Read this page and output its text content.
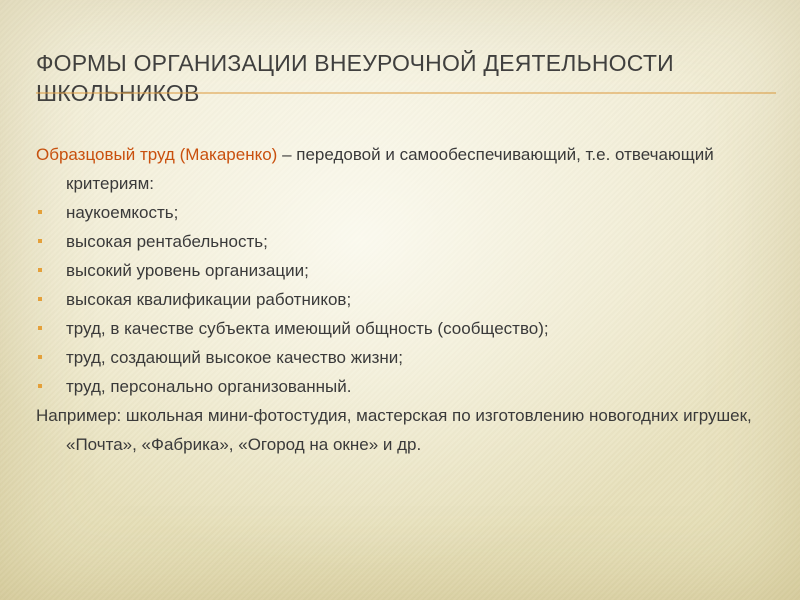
ФОРМЫ ОРГАНИЗАЦИИ ВНЕУРОЧНОЙ ДЕЯТЕЛЬНОСТИ ШКОЛЬНИКОВ

Образцовый труд (Макаренко) – передовой и самообеспечивающий, т.е. отвечающий критериям:

наукоемкость;
высокая рентабельность;
высокий уровень организации;
высокая квалификации работников;
труд, в качестве субъекта имеющий общность (сообщество);
труд, создающий высокое качество жизни;
труд, персонально организованный.

Например: школьная мини-фотостудия, мастерская по изготовлению новогодних игрушек, «Почта», «Фабрика», «Огород на окне» и др.
